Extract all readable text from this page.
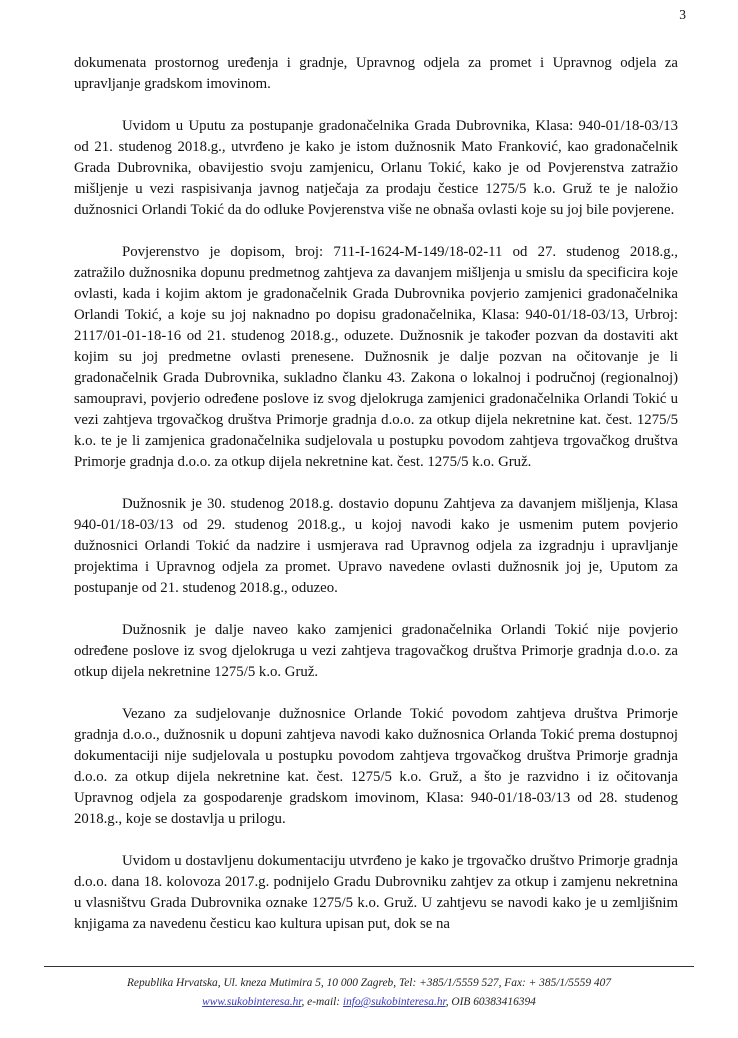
3

dokumenata prostornog uređenja i gradnje, Upravnog odjela za promet i Upravnog odjela za upravljanje gradskom imovinom.

Uvidom u Uputu za postupanje gradonačelnika Grada Dubrovnika, Klasa: 940-01/18-03/13 od 21. studenog 2018.g., utvrđeno je kako je istom dužnosnik Mato Franković, kao gradonačelnik Grada Dubrovnika, obavijestio svoju zamjenicu, Orlanu Tokić, kako je od Povjerenstva zatražio mišljenje u vezi raspisivanja javnog natječaja za prodaju čestice 1275/5 k.o. Gruž te je naložio dužnosnici Orlandi Tokić da do odluke Povjerenstva više ne obnaša ovlasti koje su joj bile povjerene.

Povjerenstvo je dopisom, broj: 711-I-1624-M-149/18-02-11 od 27. studenog 2018.g., zatražilo dužnosnika dopunu predmetnog zahtjeva za davanjem mišljenja u smislu da specificira koje ovlasti, kada i kojim aktom je gradonačelnik Grada Dubrovnika povjerio zamjenici gradonačelnika Orlandi Tokić, a koje su joj naknadno po dopisu gradonačelnika, Klasa: 940-01/18-03/13, Urbroj: 2117/01-01-18-16 od 21. studenog 2018.g., oduzete. Dužnosnik je također pozvan da dostaviti akt kojim su joj predmetne ovlasti prenesene. Dužnosnik je dalje pozvan na očitovanje je li gradonačelnik Grada Dubrovnika, sukladno članku 43. Zakona o lokalnoj i područnoj (regionalnoj) samoupravi, povjerio određene poslove iz svog djelokruga zamjenici gradonačelnika Orlandi Tokić u vezi zahtjeva trgovačkog društva Primorje gradnja d.o.o. za otkup dijela nekretnine kat. čest. 1275/5 k.o. te je li zamjenica gradonačelnika sudjelovala u postupku povodom zahtjeva trgovačkog društva Primorje gradnja d.o.o. za otkup dijela nekretnine kat. čest. 1275/5 k.o. Gruž.

Dužnosnik je 30. studenog 2018.g. dostavio dopunu Zahtjeva za davanjem mišljenja, Klasa 940-01/18-03/13 od 29. studenog 2018.g., u kojoj navodi kako je usmenim putem povjerio dužnosnici Orlandi Tokić da nadzire i usmjerava rad Upravnog odjela za izgradnju i upravljanje projektima i Upravnog odjela za promet. Upravo navedene ovlasti dužnosnik joj je, Uputom za postupanje od 21. studenog 2018.g., oduzeo.

Dužnosnik je dalje naveo kako zamjenici gradonačelnika Orlandi Tokić nije povjerio određene poslove iz svog djelokruga u vezi zahtjeva tragovačkog društva Primorje gradnja d.o.o. za otkup dijela nekretnine 1275/5 k.o. Gruž.

Vezano za sudjelovanje dužnosnice Orlande Tokić povodom zahtjeva društva Primorje gradnja d.o.o., dužnosnik u dopuni zahtjeva navodi kako dužnosnica Orlanda Tokić prema dostupnoj dokumentaciji nije sudjelovala u postupku povodom zahtjeva trgovačkog društva Primorje gradnja d.o.o. za otkup dijela nekretnine kat. čest. 1275/5 k.o. Gruž, a što je razvidno i iz očitovanja Upravnog odjela za gospodarenje gradskom imovinom, Klasa: 940-01/18-03/13 od 28. studenog 2018.g., koje se dostavlja u prilogu.

Uvidom u dostavljenu dokumentaciju utvrđeno je kako je trgovačko društvo Primorje gradnja d.o.o. dana 18. kolovoza 2017.g. podnijelo Gradu Dubrovniku zahtjev za otkup i zamjenu nekretnina u vlasništvu Grada Dubrovnika oznake 1275/5 k.o. Gruž. U zahtjevu se navodi kako je u zemljišnim knjigama za navedenu česticu kao kultura upisan put, dok se na

Republika Hrvatska, Ul. kneza Mutimira 5, 10 000 Zagreb, Tel: +385/1/5559 527, Fax: + 385/1/5559 407
www.sukobinteresa.hr, e-mail: info@sukobinteresa.hr, OIB 60383416394
